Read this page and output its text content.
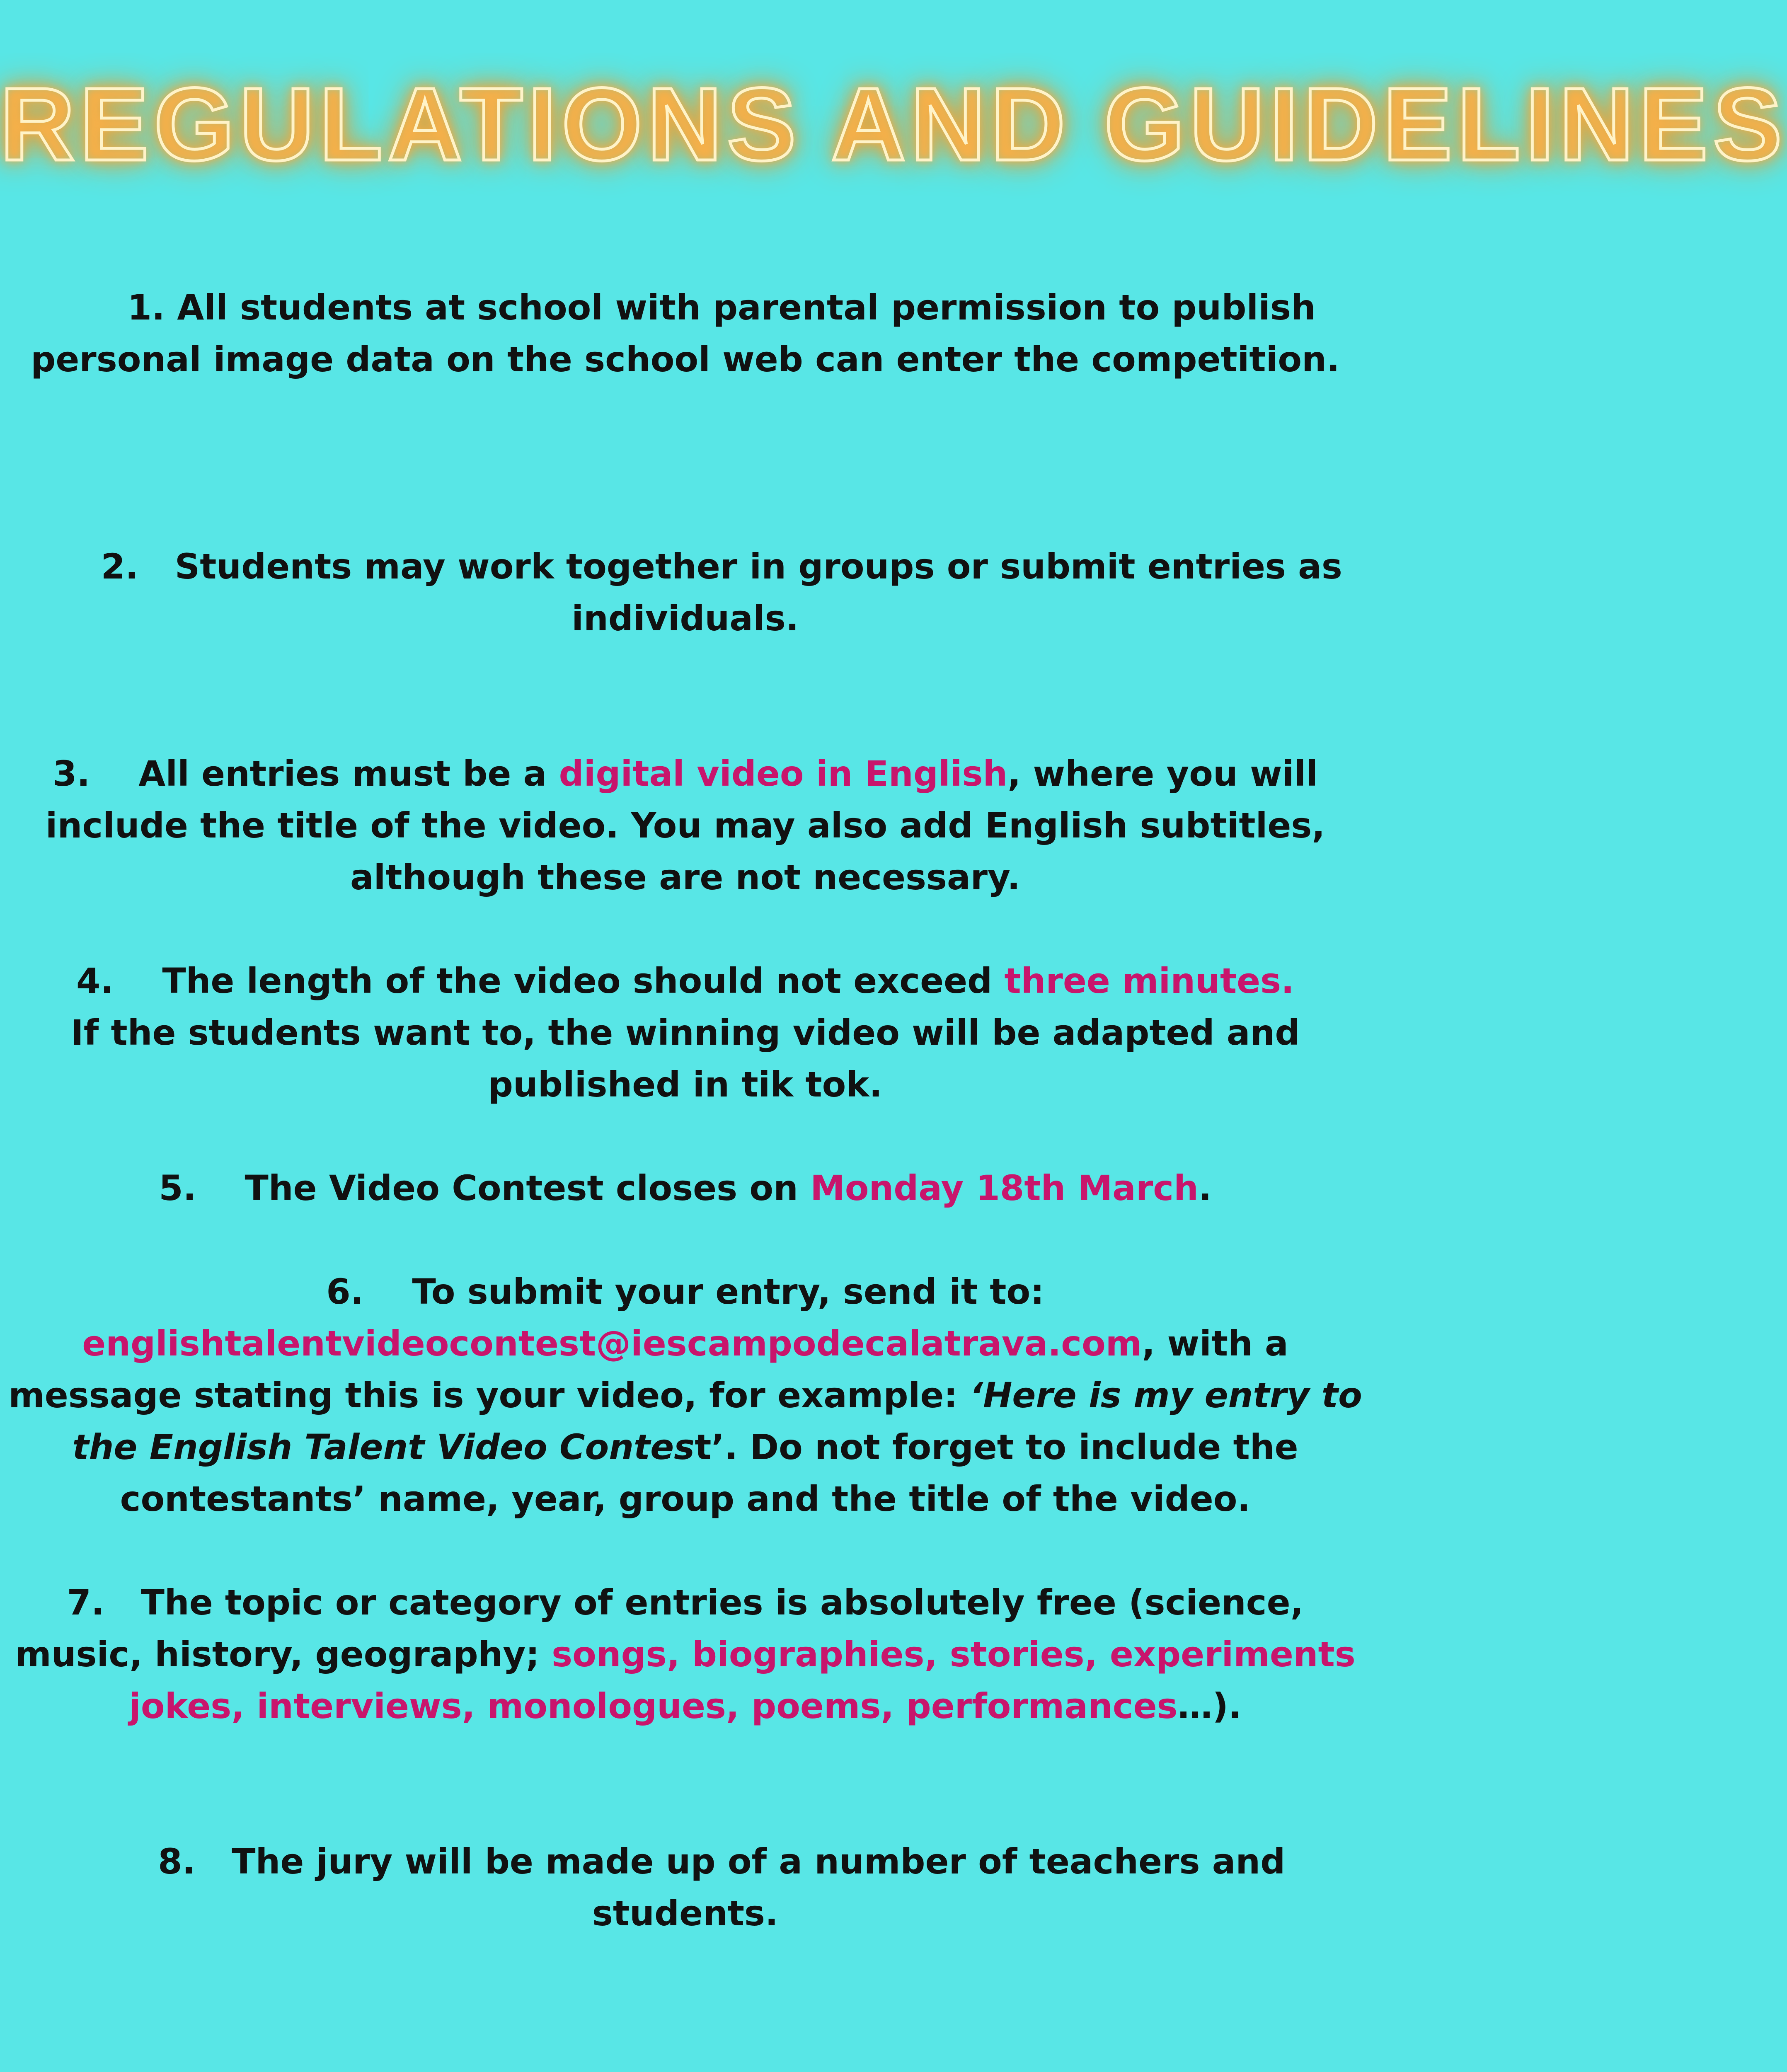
REGULATIONS AND GUIDELINES

1. All students at school with parental permission to publish personal image data on the school web can enter the competition.

2.   Students may work together in groups or submit entries as individuals.

3.    All entries must be a digital video in English, where you will include the title of the video. You may also add English subtitles, although these are not necessary.
4.    The length of the video should not exceed three minutes.
If the students want to, the winning video will be adapted and published in tik tok.
5.    The Video Contest closes on Monday 18th March.
6.    To submit your entry, send it to:
englishtalentvideocontest@iescampodecalatrava.com, with a message stating this is your video, for example: ‘Here is my entry to the English Talent Video Contest’. Do not forget to include the contestants’ name, year, group and the title of the video.
7.   The topic or category of entries is absolutely free (science, music, history, geography; songs, biographies, stories, experiments jokes, interviews, monologues, poems, performances…).

8.   The jury will be made up of a number of teachers and students.
